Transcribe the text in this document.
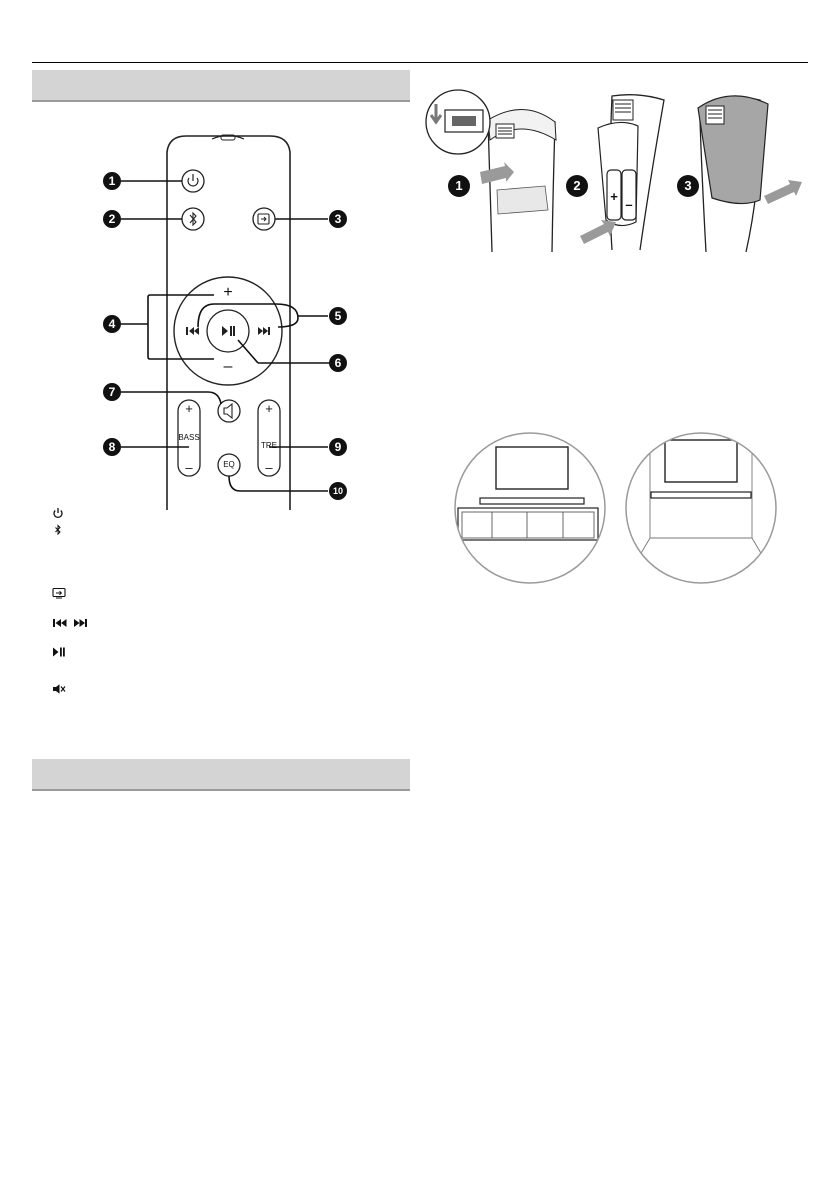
1
2	3
4
5
6
7
8	9
10
+
–
+
BASS
–
+
TRE
–
EQ
1	2	3
+
–
